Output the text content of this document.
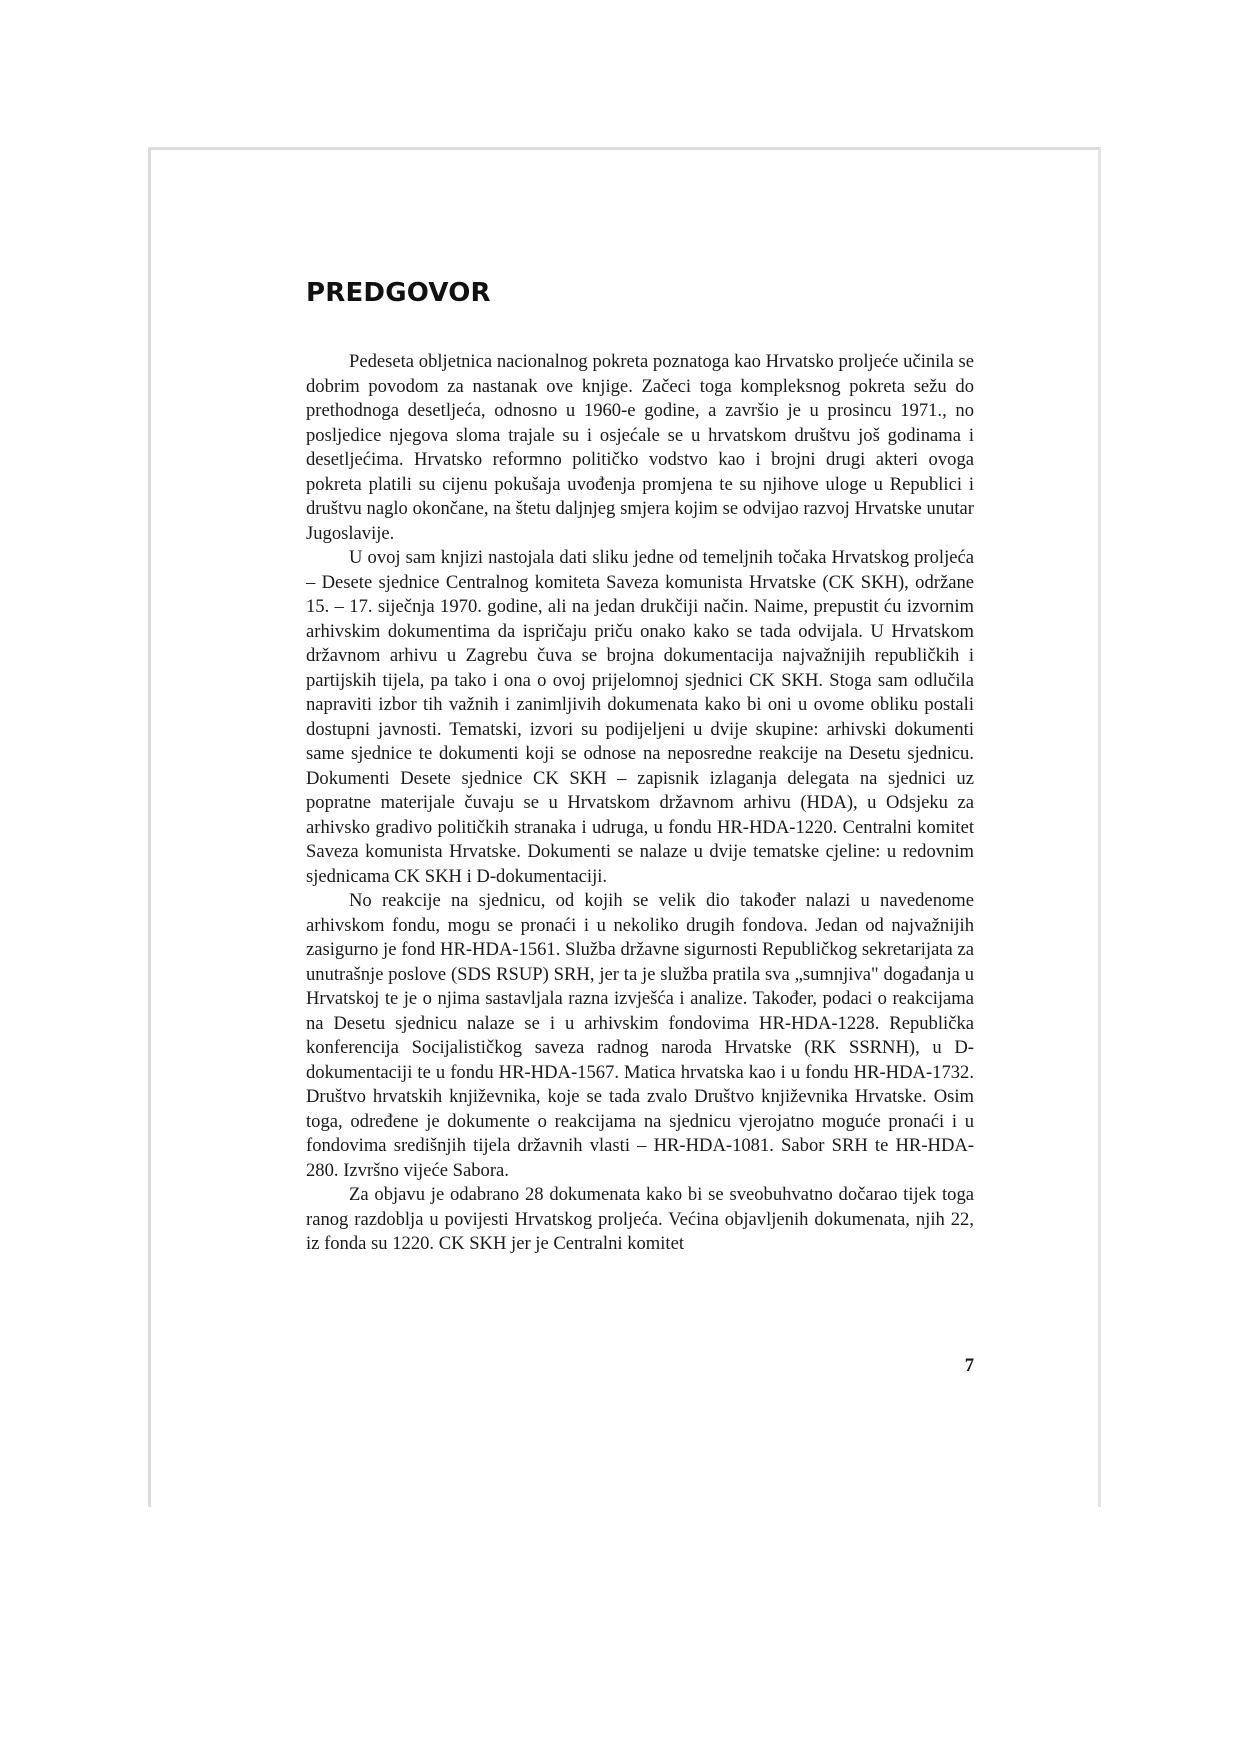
PREDGOVOR

Pedeseta obljetnica nacionalnog pokreta poznatoga kao Hrvatsko proljeće učinila se dobrim povodom za nastanak ove knjige. Začeci toga kompleksnog pokreta sežu do prethodnoga desetljeća, odnosno u 1960-e godine, a završio je u prosincu 1971., no posljedice njegova sloma trajale su i osjećale se u hrvatskom društvu još godinama i desetljećima. Hrvatsko reformno političko vodstvo kao i brojni drugi akteri ovoga pokreta platili su cijenu pokušaja uvođenja promjena te su njihove uloge u Republici i društvu naglo okončane, na štetu daljnjeg smjera kojim se odvijao razvoj Hrvatske unutar Jugoslavije.

U ovoj sam knjizi nastojala dati sliku jedne od temeljnih točaka Hrvatskog proljeća – Desete sjednice Centralnog komiteta Saveza komunista Hrvatske (CK SKH), održane 15. – 17. siječnja 1970. godine, ali na jedan drukčiji način. Naime, prepustit ću izvornim arhivskim dokumentima da ispričaju priču onako kako se tada odvijala. U Hrvatskom državnom arhivu u Zagrebu čuva se brojna dokumentacija najvažnijih republičkih i partijskih tijela, pa tako i ona o ovoj prijelomnoj sjednici CK SKH. Stoga sam odlučila napraviti izbor tih važnih i zanimljivih dokumenata kako bi oni u ovome obliku postali dostupni javnosti. Tematski, izvori su podijeljeni u dvije skupine: arhivski dokumenti same sjednice te dokumenti koji se odnose na neposredne reakcije na Desetu sjednicu. Dokumenti Desete sjednice CK SKH – zapisnik izlaganja delegata na sjednici uz popratne materijale čuvaju se u Hrvatskom državnom arhivu (HDA), u Odsjeku za arhivsko gradivo političkih stranaka i udruga, u fondu HR-HDA-1220. Centralni komitet Saveza komunista Hrvatske. Dokumenti se nalaze u dvije tematske cjeline: u redovnim sjednicama CK SKH i D-dokumentaciji.

No reakcije na sjednicu, od kojih se velik dio također nalazi u navedenome arhivskom fondu, mogu se pronaći i u nekoliko drugih fondova. Jedan od najvažnijih zasigurno je fond HR-HDA-1561. Služba državne sigurnosti Republičkog sekretarijata za unutrašnje poslove (SDS RSUP) SRH, jer ta je služba pratila sva „sumnjiva" događanja u Hrvatskoj te je o njima sastavljala razna izvješća i analize. Također, podaci o reakcijama na Desetu sjednicu nalaze se i u arhivskim fondovima HR-HDA-1228. Republička konferencija Socijalističkog saveza radnog naroda Hrvatske (RK SSRNH), u D-dokumentaciji te u fondu HR-HDA-1567. Matica hrvatska kao i u fondu HR-HDA-1732. Društvo hrvatskih književnika, koje se tada zvalo Društvo književnika Hrvatske. Osim toga, određene je dokumente o reakcijama na sjednicu vjerojatno moguće pronaći i u fondovima središnjih tijela državnih vlasti – HR-HDA-1081. Sabor SRH te HR-HDA-280. Izvršno vijeće Sabora.

Za objavu je odabrano 28 dokumenata kako bi se sveobuhvatno dočarao tijek toga ranog razdoblja u povijesti Hrvatskog proljeća. Većina objavljenih dokumenata, njih 22, iz fonda su 1220. CK SKH jer je Centralni komitet

7
